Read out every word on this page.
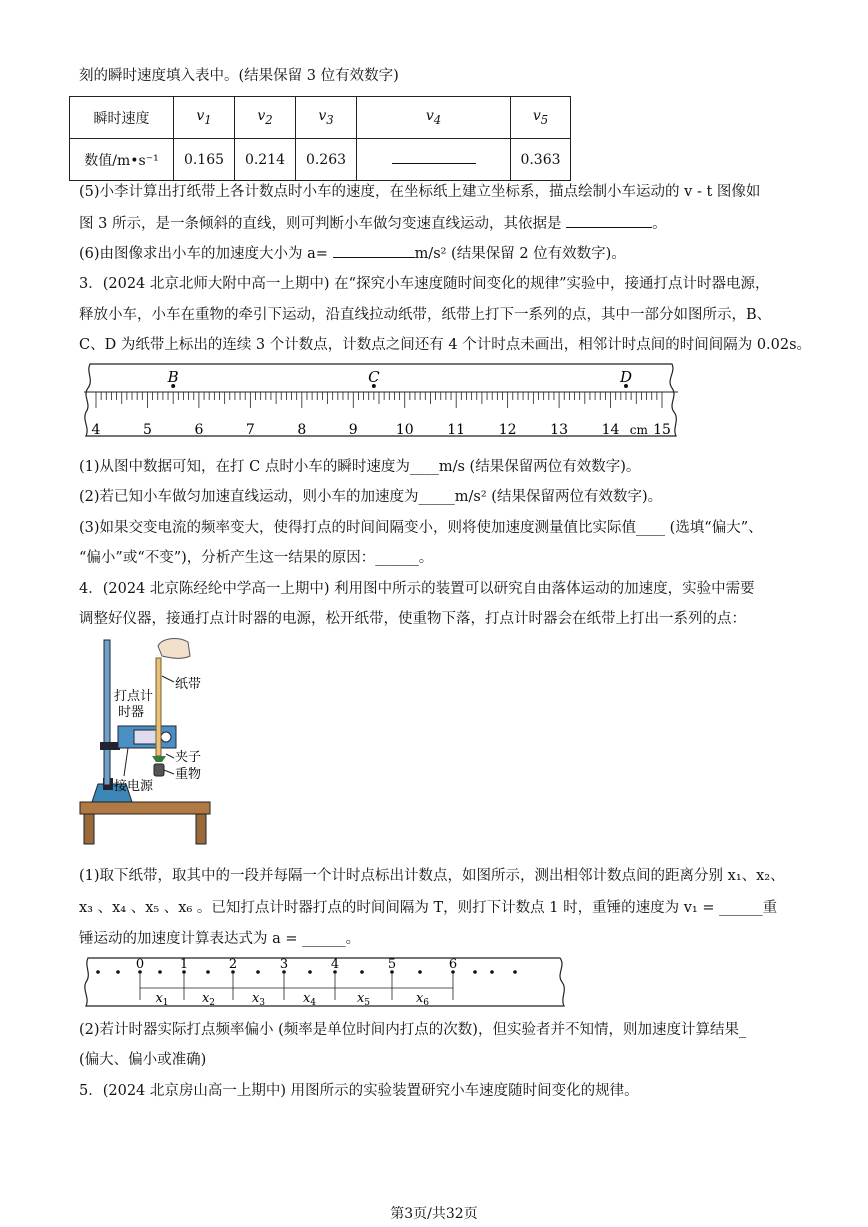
刻的瞬时速度填入表中。(结果保留 3 位有效数字)
瞬时速度	$v_1$	$v_2$	$v_3$	$v_4$	$v_5$
数值/m•s⁻¹	0.165	0.214	0.263		0.363
(5)小李计算出打纸带上各计数点时小车的速度，在坐标纸上建立坐标系，描点绘制小车运动的 v - t 图像如
图 3 所示，是一条倾斜的直线，则可判断小车做匀变速直线运动，其依据是	。
(6)由图像求出小车的加速度大小为 a=	m/s² (结果保留 2 位有效数字)。
3．(2024 北京北师大附中高一上期中) 在“探究小车速度随时间变化的规律”实验中，接通打点计时器电源，
释放小车，小车在重物的牵引下运动，沿直线拉动纸带，纸带上打下一系列的点，其中一部分如图所示，B、
C、D 为纸带上标出的连续 3 个计数点，计数点之间还有 4 个计时点未画出，相邻计时点间的时间间隔为 0.02s。
4	5	6	7	8	9	10 11 12 13 14 15
cm
B	C	D
(1)从图中数据可知，在打 C 点时小车的瞬时速度为____m/s (结果保留两位有效数字)。
(2)若已知小车做匀加速直线运动，则小车的加速度为_____m/s² (结果保留两位有效数字)。
(3)如果交变电流的频率变大，使得打点的时间间隔变小，则将使加速度测量值比实际值____ (选填“偏大”、
“偏小”或“不变”)，分析产生这一结果的原因：______。
4．(2024 北京陈经纶中学高一上期中) 利用图中所示的装置可以研究自由落体运动的加速度，实验中需要
调整好仪器，接通打点计时器的电源，松开纸带，使重物下落，打点计时器会在纸带上打出一系列的点：
纸带
打点计
时器
夹子
重物
接电源
(1)取下纸带，取其中的一段并每隔一个计时点标出计数点，如图所示，测出相邻计数点间的距离分别 x₁、x₂、
x₃ 、x₄ 、x₅ 、x₆ 。已知打点计时器打点的时间间隔为 T，则打下计数点 1 时，重锤的速度为 v₁ = ______重
锤运动的加速度计算表达式为 a = ______。
0	1	2	3	4	5	6
$x_1$	$x_2$	$x_3$	$x_4$	$x_5$	$x_6$
(2)若计时器实际打点频率偏小 (频率是单位时间内打点的次数)，但实验者并不知情，则加速度计算结果_
(偏大、偏小或准确)
5．(2024 北京房山高一上期中) 用图所示的实验装置研究小车速度随时间变化的规律。
第3页/共32页
